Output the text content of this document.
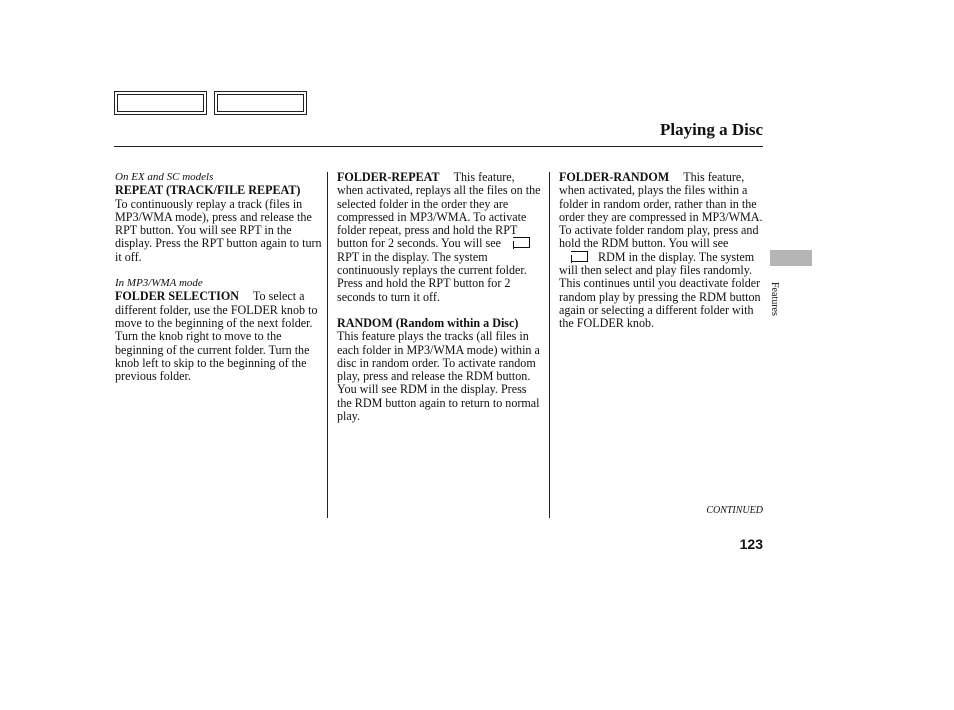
Playing a Disc
On EX and SC models
REPEAT (TRACK/FILE REPEAT)To continuously replay a track (files in MP3/WMA mode), press and release the RPT button. You will see RPT in the display. Press the RPT button again to turn it off.
In MP3/WMA mode
FOLDER SELECTION To select a different folder, use the FOLDER knob to move to the beginning of the next folder. Turn the knob right to move to the beginning of the current folder. Turn the knob left to skip to the beginning of the previous folder.
FOLDER-REPEAT This feature, when activated, replays all the files on the selected folder in the order they are compressed in MP3/WMA. To activate folder repeat, press and hold the RPT button for 2 seconds. You will seeRPT in the display. The system continuously replays the current folder. Press and hold the RPT button for 2 seconds to turn it off.
RANDOM (Random within a Disc)This feature plays the tracks (all files in each folder in MP3/WMA mode) within a disc in random order. To activate random play, press and release the RDM button. You will see RDM in the display. Press the RDM button again to return to normal play.
FOLDER-RANDOM This feature, when activated, plays the files within a folder in random order, rather than in the order they are compressed in MP3/WMA. To activate folder random play, press and hold the RDM button. You will seeRDM in the display. The system will then select and play files randomly. This continues until you deactivate folder random play by pressing the RDM button again or selecting a different folder with the FOLDER knob.
Features
CONTINUED
123
